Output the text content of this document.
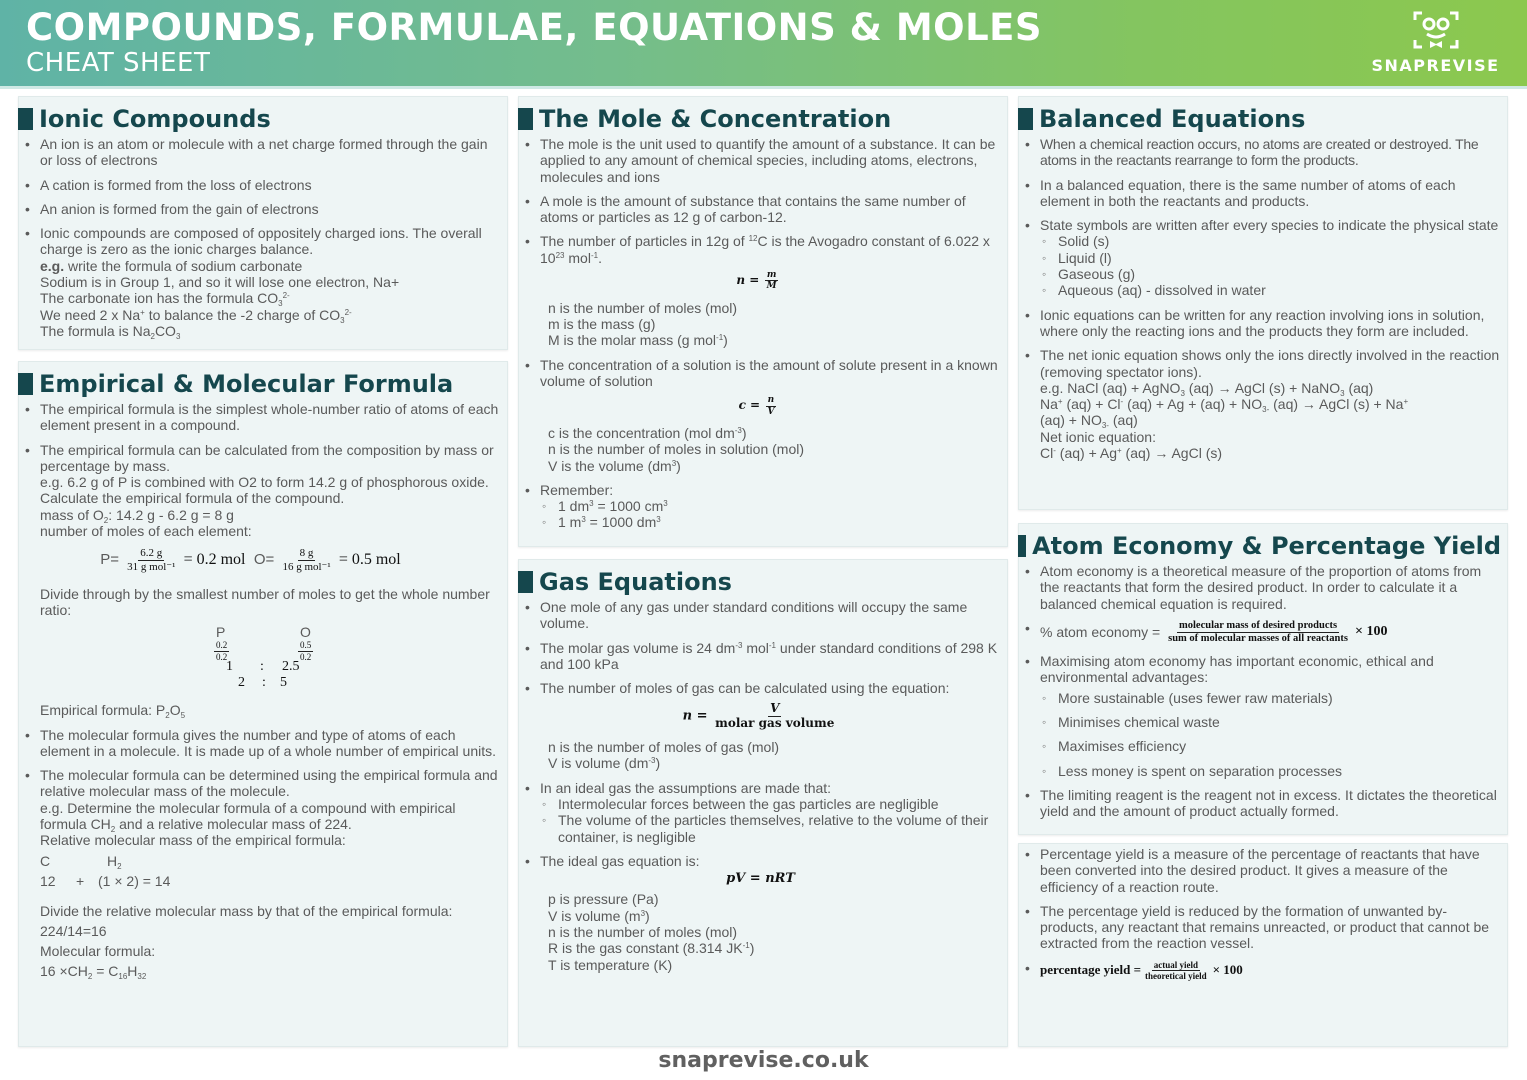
COMPOUNDS, FORMULAE, EQUATIONS & MOLES
CHEAT SHEET	SNAPREVISE
Ionic Compounds
• An ion is an atom or molecule with a net charge formed through the gain or loss of electrons
• A cation is formed from the loss of electrons
• An anion is formed from the gain of electrons
• Ionic compounds are composed of oppositely charged ions. The overall charge is zero as the ionic charges balance.
e.g. write the formula of sodium carbonate
Sodium is in Group 1, and so it will lose one electron, Na+
The carbonate ion has the formula $CO_3^{2-}$
We need 2 x Na+ to balance the -2 charge of $CO_3^{2-}$
The formula is $Na_2CO_3$
Empirical & Molecular Formula
• The empirical formula is the simplest whole-number ratio of atoms of each element present in a compound.
• The empirical formula can be calculated from the composition by mass or percentage by mass.
e.g. 6.2 g of P is combined with O2 to form 14.2 g of phosphorous oxide. Calculate the empirical formula of the compound.
mass of $O_2$: 14.2 g - 6.2 g = 8 g
number of moles of each element:
$P= \frac{6.2 g}{\text{31 g mol⁻¹}} = 0.2$ mol $O= \frac{8 g}{\text{16 g mol⁻¹}} = 0.5$ mol
Divide through by the smallest number of moles to get the whole number ratio:
P	O
$\frac{0.2}{0.2}$	$\frac{0.5}{0.2}$
1 : 2.5
2 : 5
Empirical formula: $P_2O_5$
• The molecular formula gives the number and type of atoms of each element in a molecule. It is made up of a whole number of empirical units.
• The molecular formula can be determined using the empirical formula and relative molecular mass of the molecule.
e.g. Determine the molecular formula of a compound with empirical formula $CH_2$ and a relative molecular mass of 224.
Relative molecular mass of the empirical formula:
C	$H_2$
12 + (1 × 2) = 14
Divide the relative molecular mass by that of the empirical formula:
224/14=16
Molecular formula:
$16 \times CH_2 = C_{16}H_{32}$
The Mole & Concentration
• The mole is the unit used to quantify the amount of a substance. It can be applied to any amount of chemical species, including atoms, electrons, molecules and ions
• A mole is the amount of substance that contains the same number of atoms or particles as 12 g of carbon-12.
• The number of particles in 12g of $^{12}$C is the Avogadro constant of 6.022 x $10^{23}$ mol$^{-1}$.
$n = \frac{m}{M}$
n is the number of moles (mol)
m is the mass (g)
M is the molar mass (g mol$^{-1}$)
• The concentration of a solution is the amount of solute present in a known volume of solution
$c = \frac{n}{V}$
c is the concentration (mol $dm^{-3}$)
n is the number of moles in solution (mol)
V is the volume $(dm^3)$
• Remember:
◦ 1 $dm^3 = 1000$ $cm^3$
◦ 1 $m^3 = 1000$ $dm^3$
Gas Equations
• One mole of any gas under standard conditions will occupy the same volume.
• The molar gas volume is 24 $dm^{-3}$ mol$^{-1}$ under standard conditions of 298 K and 100 kPa
• The number of moles of gas can be calculated using the equation:
$n = \frac{V}{\text{molar gas volume}}$
n is the number of moles of gas (mol)
V is volume $(dm^{-3})$
• In an ideal gas the assumptions are made that:
◦ Intermolecular forces between the gas particles are negligible
◦ The volume of the particles themselves, relative to the volume of their container, is negligible
• The ideal gas equation is:
pV = nRT
p is pressure (Pa)
V is volume $(m^3)$
n is the number of moles (mol)
R is the gas constant (8.314 $JK^{-1}$)
T is temperature (K)
Balanced Equations
• When a chemical reaction occurs, no atoms are created or destroyed. The atoms in the reactants rearrange to form the products.
• In a balanced equation, there is the same number of atoms of each element in both the reactants and products.
• State symbols are written after every species to indicate the physical state
◦ Solid (s)
◦ Liquid (l)
◦ Gaseous (g)
◦ Aqueous (aq) - dissolved in water
• Ionic equations can be written for any reaction involving ions in solution, where only the reacting ions and the products they form are included.
• The net ionic equation shows only the ions directly involved in the reaction (removing spectator ions).
e.g. NaCl (aq) + AgNO$_3$ (aq) → AgCl (s) + NaNO$_3$ (aq)
Na+ (aq) + Cl- $(aq) + Ag + (aq) + NO_{3-}$ (aq) → AgCl (s) + Na+
$(aq) + NO_{3-}$ (aq)
Net ionic equation:
Cl- (aq) + Ag+ (aq) → AgCl (s)
Atom Economy & Percentage Yield
• Atom economy is a theoretical measure of the proportion of atoms from the reactants that form the desired product. In order to calculate it a balanced chemical equation is required.
• % atom economy =
$\frac{\text{molecular mass of desired products}}{\text{sum of molecular masses of all reactants}} \times 100$
• Maximising atom economy has important economic, ethical and environmental advantages:
◦ More sustainable (uses fewer raw materials)
◦ Minimises chemical waste
◦ Maximises efficiency
◦ Less money is spent on separation processes
• The limiting reagent is the reagent not in excess. It dictates the theoretical yield and the amount of product actually formed.
• Percentage yield is a measure of the percentage of reactants that have been converted into the desired product. It gives a measure of the efficiency of a reaction route.
• The percentage yield is reduced by the formation of unwanted by-products, any reactant that remains unreacted, or product that cannot be extracted from the reaction vessel.
• percentage yield = $\frac{\text{actual yield}}{\text{theoretical yield}} \times 100$
snaprevise.co.uk
